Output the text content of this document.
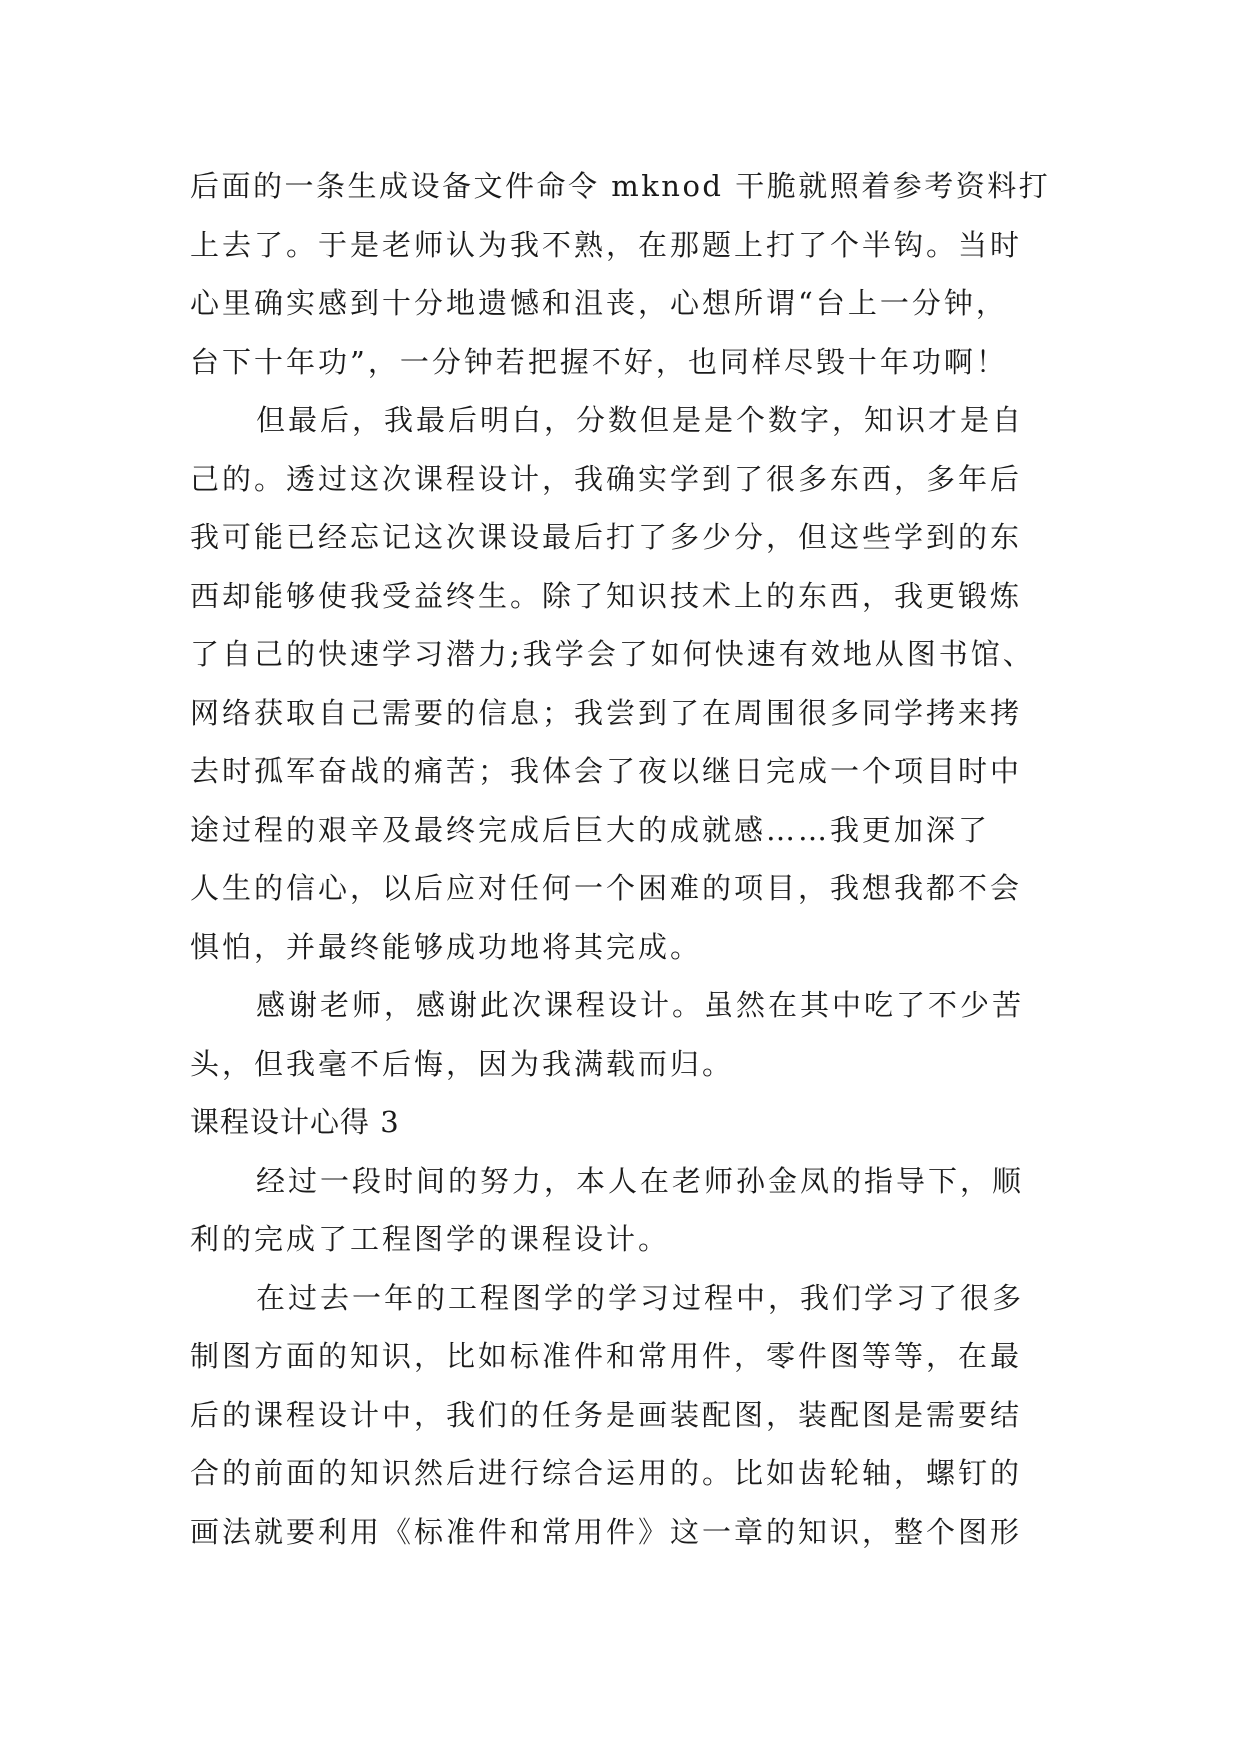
后面的一条生成设备文件命令 mknod 干脆就照着参考资料打

上去了。于是老师认为我不熟，在那题上打了个半钩。当时

心里确实感到十分地遗憾和沮丧，心想所谓“台上一分钟，

台下十年功”，一分钟若把握不好，也同样尽毁十年功啊！

但最后，我最后明白，分数但是是个数字，知识才是自

己的。透过这次课程设计，我确实学到了很多东西，多年后

我可能已经忘记这次课设最后打了多少分，但这些学到的东

西却能够使我受益终生。除了知识技术上的东西，我更锻炼

了自己的快速学习潜力;我学会了如何快速有效地从图书馆、

网络获取自己需要的信息；我尝到了在周围很多同学拷来拷

去时孤军奋战的痛苦；我体会了夜以继日完成一个项目时中

途过程的艰辛及最终完成后巨大的成就感……我更加深了

人生的信心，以后应对任何一个困难的项目，我想我都不会

惧怕，并最终能够成功地将其完成。

感谢老师，感谢此次课程设计。虽然在其中吃了不少苦

头，但我毫不后悔，因为我满载而归。

课程设计心得 3

经过一段时间的努力，本人在老师孙金凤的指导下，顺

利的完成了工程图学的课程设计。

在过去一年的工程图学的学习过程中，我们学习了很多

制图方面的知识，比如标准件和常用件，零件图等等，在最

后的课程设计中，我们的任务是画装配图，装配图是需要结

合的前面的知识然后进行综合运用的。比如齿轮轴，螺钉的

画法就要利用《标准件和常用件》这一章的知识，整个图形
